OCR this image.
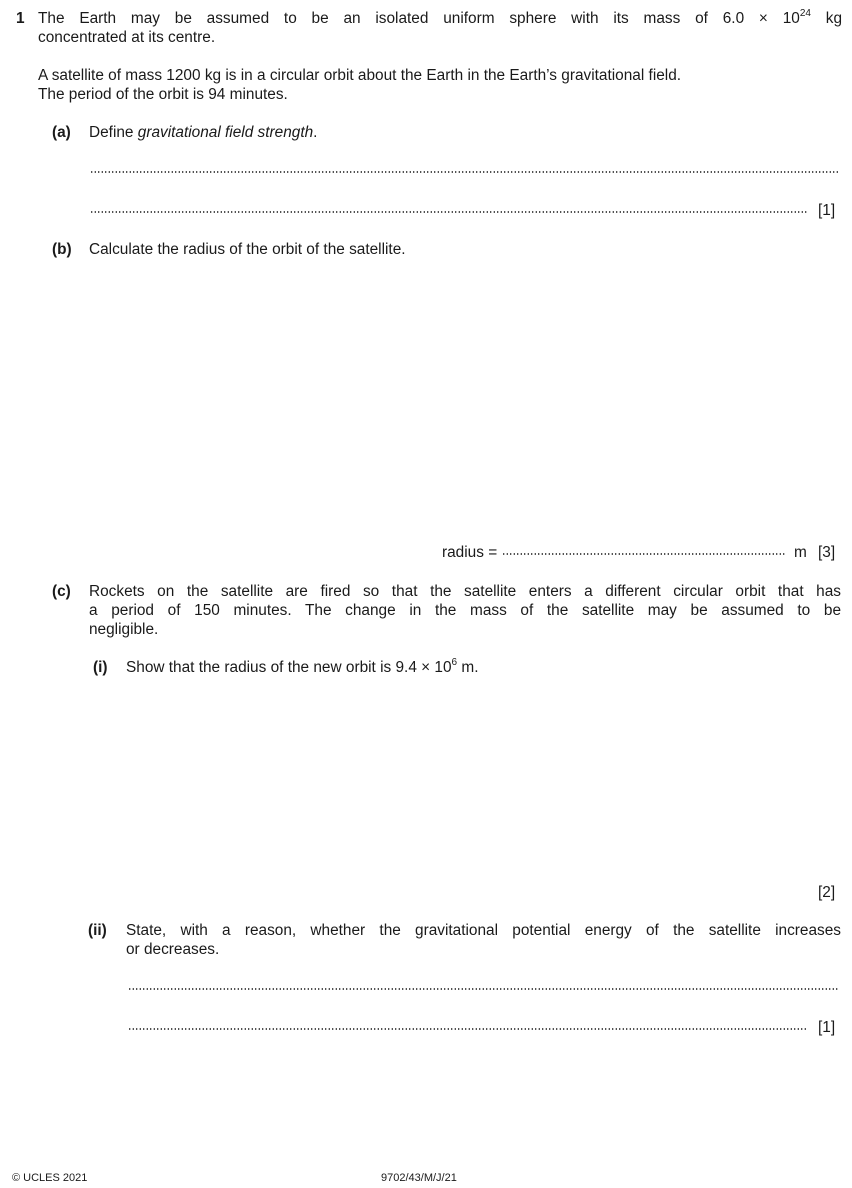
1 The Earth may be assumed to be an isolated uniform sphere with its mass of $6.0 \times 10^{24}$ kg
concentrated at its centre.
A satellite of mass 1200 kg is in a circular orbit about the Earth in the Earth’s gravitational field.
The period of the orbit is 94 minutes.
(a) Define gravitational field strength.
[1]
(b) Calculate the radius of the orbit of the satellite.
radius =	m [3]
(c) Rockets on the satellite are fired so that the satellite enters a different circular orbit that has
a period of 150 minutes. The change in the mass of the satellite may be assumed to be
negligible.
(i) Show that the radius of the new orbit is $9.4 \times 10^6$ m.
[2]
(ii) State, with a reason, whether the gravitational potential energy of the satellite increases
or decreases.
[1]
© UCLES 2021	9702/43/M/J/21
